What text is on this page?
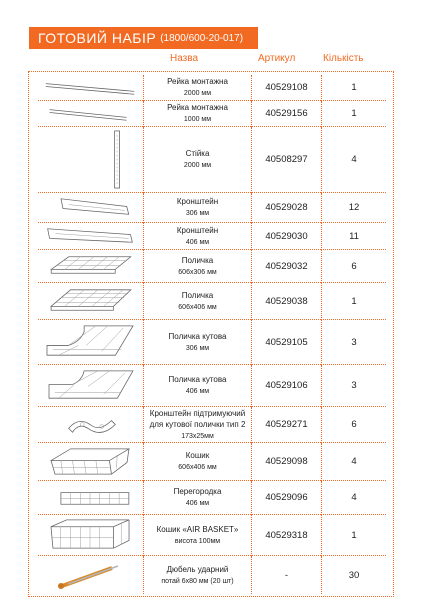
ГОТОВИЙ НАБІР (1800/600-20-017)
Назва	Артикул	Кількість
Рейка монтажна
2000 мм
40529108	1
Рейка монтажна
1000 мм
40529156	1
Стійка
2000 мм
40508297	4
Кронштейн
306 мм
40529028	12
Кронштейн
406 мм
40529030	11
Поличка
606х306 мм
40529032	6
Поличка
606х406 мм
40529038	1
Поличка кутова
306 мм
40529105	3
Поличка кутова
406 мм
40529106	3
Кронштейн підтримуючий для кутової полички тип 2
173х25мм
40529271	6
Кошик
606х406 мм
40529098	4
Перегородка
406 мм
40529096	4
Кошик «AIR BASKET»
висота 100мм
40529318	1
Дюбель ударний
потай 6х80 мм (20 шт)
-	30
